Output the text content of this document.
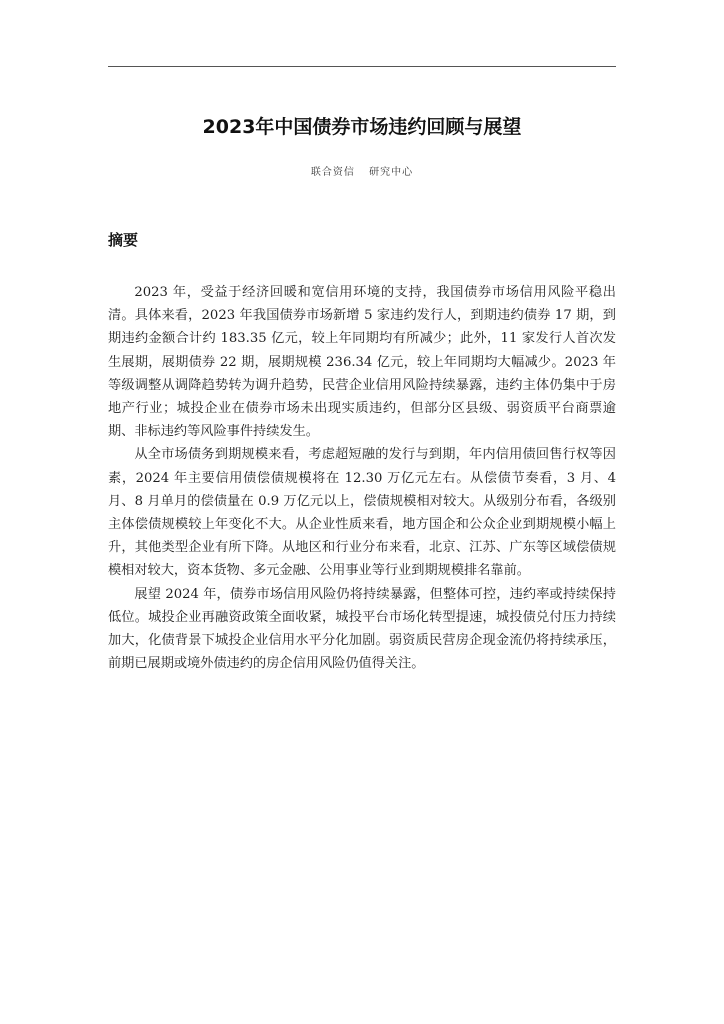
2023年中国债券市场违约回顾与展望
联合资信 研究中心
摘要

2023 年，受益于经济回暖和宽信用环境的支持，我国债券市场信用风险平稳出清。具体来看，2023 年我国债券市场新增 5 家违约发行人，到期违约债券 17 期，到期违约金额合计约 183.35 亿元，较上年同期均有所减少；此外，11 家发行人首次发生展期，展期债券 22 期，展期规模 236.34 亿元，较上年同期均大幅减少。2023 年等级调整从调降趋势转为调升趋势，民营企业信用风险持续暴露，违约主体仍集中于房地产行业；城投企业在债券市场未出现实质违约，但部分区县级、弱资质平台商票逾期、非标违约等风险事件持续发生。

从全市场债务到期规模来看，考虑超短融的发行与到期，年内信用债回售行权等因素，2024 年主要信用债偿债规模将在 12.30 万亿元左右。从偿债节奏看，3 月、4 月、8 月单月的偿债量在 0.9 万亿元以上，偿债规模相对较大。从级别分布看，各级别主体偿债规模较上年变化不大。从企业性质来看，地方国企和公众企业到期规模小幅上升，其他类型企业有所下降。从地区和行业分布来看，北京、江苏、广东等区域偿债规模相对较大，资本货物、多元金融、公用事业等行业到期规模排名靠前。

展望 2024 年，债券市场信用风险仍将持续暴露，但整体可控，违约率或持续保持低位。城投企业再融资政策全面收紧，城投平台市场化转型提速，城投债兑付压力持续加大，化债背景下城投企业信用水平分化加剧。弱资质民营房企现金流仍将持续承压，前期已展期或境外债违约的房企信用风险仍值得关注。
